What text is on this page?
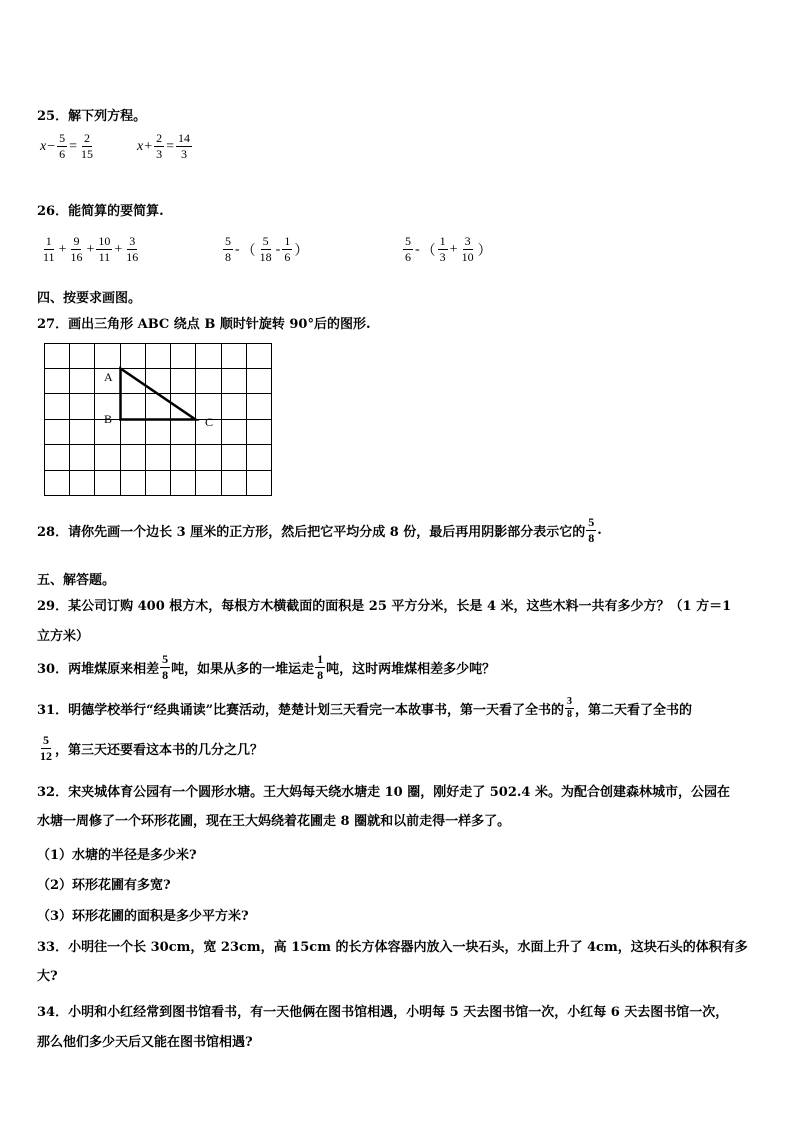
25．解下列方程。
$x - \frac{5}{6} = \frac{2}{15}$	$x + \frac{2}{3} = \frac{14}{3}$
26．能简算的要简算.
$\frac{1}{11} + \frac{9}{16} + \frac{10}{11} + \frac{3}{16}$	$\frac{5}{8}$ - （ $\frac{5}{18} - \frac{1}{6}$ ）	$\frac{5}{6}$ - （ $\frac{1}{3} + \frac{3}{10}$ ）
四、按要求画图。
27．画出三角形 ABC 绕点 B 顺时针旋转 90°后的图形.
A
B	C
28．请你先画一个边长 3 厘米的正方形，然后把它平均分成 8 份，最后再用阴影部分表示它的 $\frac{5}{8}$ .
五、解答题。
29．某公司订购 400 根方木，每根方木横截面的面积是 25 平方分米，长是 4 米，这些木料一共有多少方？（1 方＝1
立方米）
30．两堆煤原来相差 $\frac{5}{8}$ 吨，如果从多的一堆运走 $\frac{1}{8}$ 吨，这时两堆煤相差多少吨？
31．明德学校举行“经典诵读”比赛活动，楚楚计划三天看完一本故事书，第一天看了全书的 $\frac{3}{8}$ ，第二天看了全书的
$\frac{5}{12}$ ，第三天还要看这本书的几分之几？
32．宋夹城体育公园有一个圆形水塘。王大妈每天绕水塘走 10 圈，刚好走了 502.4 米。为配合创建森林城市，公园在
水塘一周修了一个环形花圃，现在王大妈绕着花圃走 8 圈就和以前走得一样多了。
（1）水塘的半径是多少米?
（2）环形花圃有多宽?
（3）环形花圃的面积是多少平方米?
33．小明往一个长 30cm，宽 23cm，高 15cm 的长方体容器内放入一块石头，水面上升了 4cm，这块石头的体积有多
大?
34．小明和小红经常到图书馆看书，有一天他俩在图书馆相遇，小明每 5 天去图书馆一次，小红每 6 天去图书馆一次，
那么他们多少天后又能在图书馆相遇?
